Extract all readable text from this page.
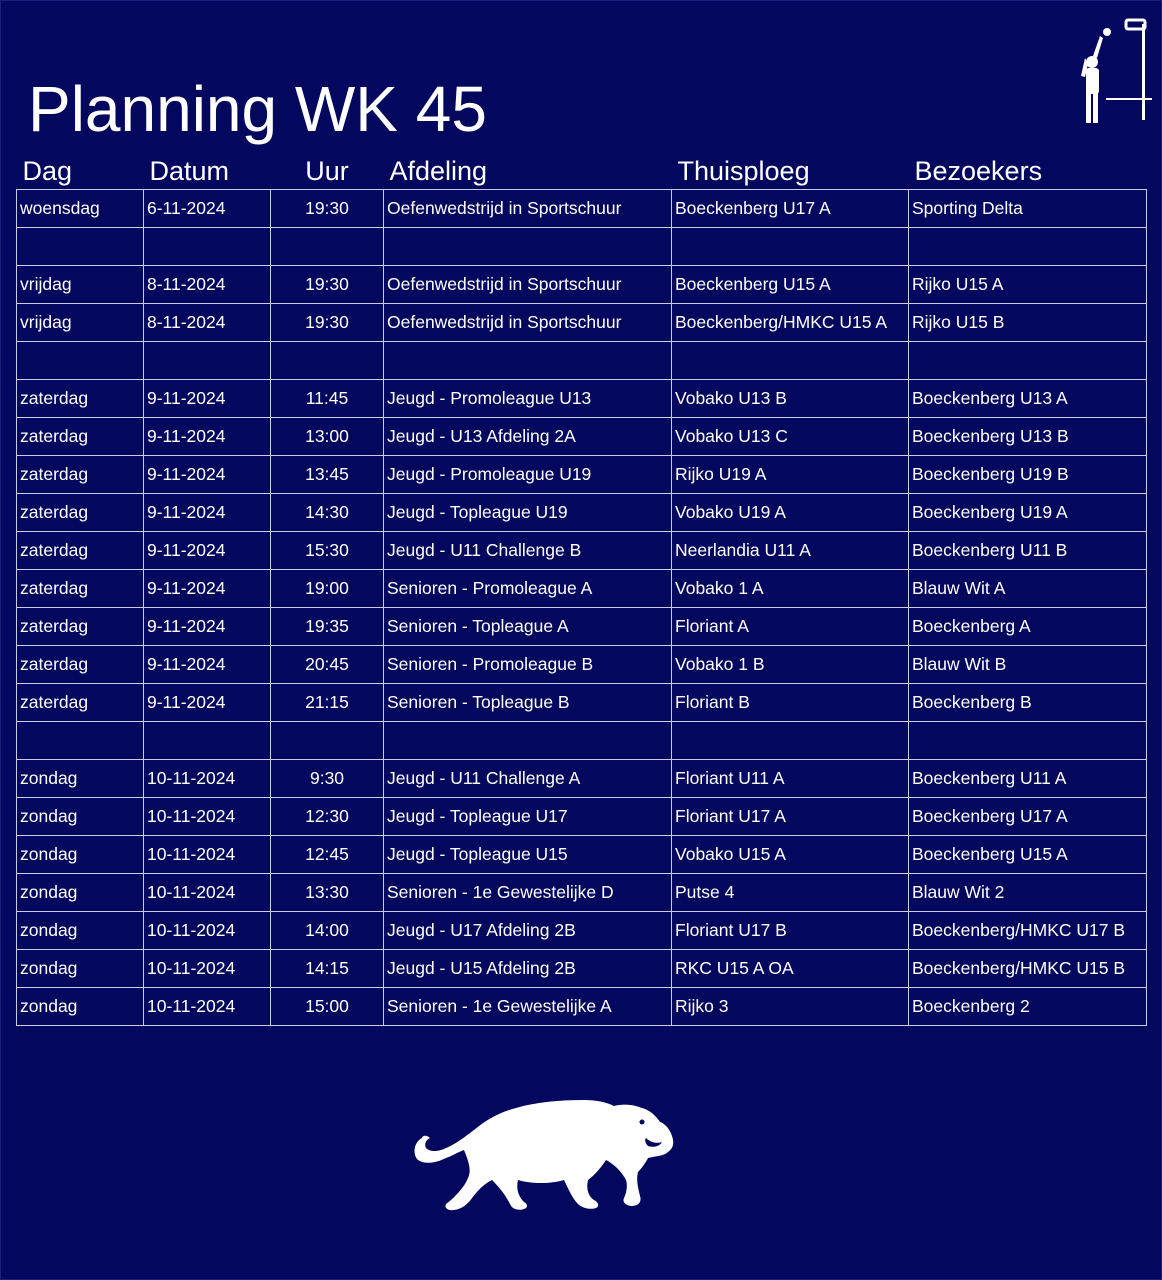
Planning WK 45
Dag	Datum	Uur	Afdeling	Thuisploeg	Bezoekers
woensdag	6-11-2024	19:30	Oefenwedstrijd in Sportschuur	Boeckenberg U17 A	Sporting Delta

vrijdag	8-11-2024	19:30	Oefenwedstrijd in Sportschuur	Boeckenberg U15 A	Rijko U15 A
vrijdag	8-11-2024	19:30	Oefenwedstrijd in Sportschuur	Boeckenberg/HMKC U15 A	Rijko U15 B

zaterdag	9-11-2024	11:45	Jeugd - Promoleague U13	Vobako U13 B	Boeckenberg U13 A
zaterdag	9-11-2024	13:00	Jeugd - U13 Afdeling 2A	Vobako U13 C	Boeckenberg U13 B
zaterdag	9-11-2024	13:45	Jeugd - Promoleague U19	Rijko U19 A	Boeckenberg U19 B
zaterdag	9-11-2024	14:30	Jeugd - Topleague U19	Vobako U19 A	Boeckenberg U19 A
zaterdag	9-11-2024	15:30	Jeugd - U11 Challenge B	Neerlandia U11 A	Boeckenberg U11 B
zaterdag	9-11-2024	19:00	Senioren - Promoleague A	Vobako 1 A	Blauw Wit A
zaterdag	9-11-2024	19:35	Senioren - Topleague A	Floriant A	Boeckenberg A
zaterdag	9-11-2024	20:45	Senioren - Promoleague B	Vobako 1 B	Blauw Wit B
zaterdag	9-11-2024	21:15	Senioren - Topleague B	Floriant B	Boeckenberg B

zondag	10-11-2024	9:30	Jeugd - U11 Challenge A	Floriant U11 A	Boeckenberg U11 A
zondag	10-11-2024	12:30	Jeugd - Topleague U17	Floriant U17 A	Boeckenberg U17 A
zondag	10-11-2024	12:45	Jeugd - Topleague U15	Vobako U15 A	Boeckenberg U15 A
zondag	10-11-2024	13:30	Senioren - 1e Gewestelijke D	Putse 4	Blauw Wit 2
zondag	10-11-2024	14:00	Jeugd - U17 Afdeling 2B	Floriant U17 B	Boeckenberg/HMKC U17 B
zondag	10-11-2024	14:15	Jeugd - U15 Afdeling 2B	RKC U15 A OA	Boeckenberg/HMKC U15 B
zondag	10-11-2024	15:00	Senioren - 1e Gewestelijke A	Rijko 3	Boeckenberg 2
